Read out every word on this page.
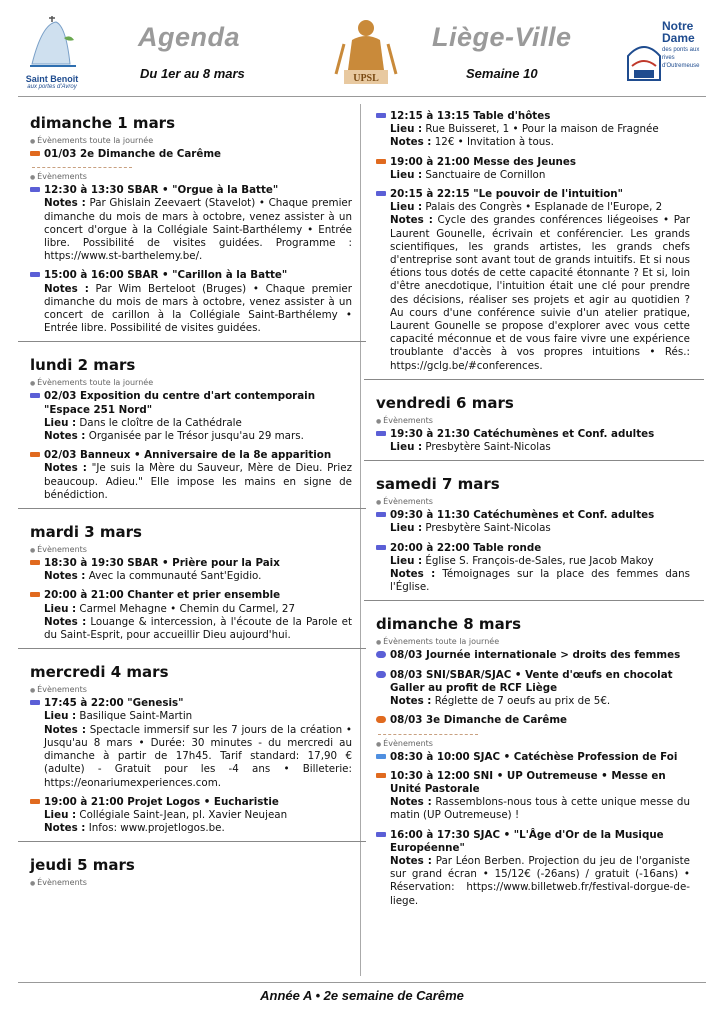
Saint Benoît
aux portes d'Avroy
Agenda
Du 1er au 8 mars	UPSL
Liège-Ville
Semaine 10
Notre Dame
des ponts aux rives d'Outremeuse
dimanche 1 mars
● Évènements toute la journée
01/03 2e Dimanche de Carême
● Évènements
12:30 à 13:30 SBAR • "Orgue à la Batte"
Notes : Par Ghislain Zeevaert (Stavelot) • Chaque premier dimanche du mois de mars à octobre, venez assister à un concert d'orgue à la Collégiale Saint-Barthélemy • Entrée libre. Possibilité de visites guidées. Programme : https://www.st-barthelemy.be/.
15:00 à 16:00 SBAR • "Carillon à la Batte"
Notes : Par Wim Berteloot (Bruges) • Chaque premier dimanche du mois de mars à octobre, venez assister à un concert de carillon à la Collégiale Saint-Barthélemy • Entrée libre. Possibilité de visites guidées.
lundi 2 mars
● Évènements toute la journée
02/03 Exposition du centre d'art contemporain "Espace 251 Nord"
Lieu : Dans le cloître de la Cathédrale
Notes : Organisée par le Trésor jusqu'au 29 mars.
02/03 Banneux • Anniversaire de la 8e apparition
Notes : "Je suis la Mère du Sauveur, Mère de Dieu. Priez beaucoup. Adieu." Elle impose les mains en signe de bénédiction.
mardi 3 mars
● Évènements
18:30 à 19:30 SBAR • Prière pour la Paix
Notes : Avec la communauté Sant'Egidio.
20:00 à 21:00 Chanter et prier ensemble
Lieu : Carmel Mehagne • Chemin du Carmel, 27
Notes : Louange & intercession, à l'écoute de la Parole et du Saint-Esprit, pour accueillir Dieu aujourd'hui.
mercredi 4 mars
● Évènements
17:45 à 22:00 "Genesis"
Lieu : Basilique Saint-Martin
Notes : Spectacle immersif sur les 7 jours de la création • Jusqu'au 8 mars • Durée: 30 minutes - du mercredi au dimanche à partir de 17h45. Tarif standard: 17,90 € (adulte) - Gratuit pour les -4 ans • Billeterie: https://eonariumexperiences.com.
19:00 à 21:00 Projet Logos • Eucharistie
Lieu : Collégiale Saint-Jean, pl. Xavier Neujean
Notes : Infos: www.projetlogos.be.
jeudi 5 mars
● Évènements
12:15 à 13:15 Table d'hôtes
Lieu : Rue Buisseret, 1 • Pour la maison de Fragnée
Notes : 12€ • Invitation à tous.
19:00 à 21:00 Messe des Jeunes
Lieu : Sanctuaire de Cornillon
20:15 à 22:15 "Le pouvoir de l'intuition"
Lieu : Palais des Congrès • Esplanade de l'Europe, 2
Notes : Cycle des grandes conférences liégeoises • Par Laurent Gounelle, écrivain et conférencier. Les grands scientifiques, les grands artistes, les grands chefs d'entreprise sont avant tout de grands intuitifs. Et si nous étions tous dotés de cette capacité étonnante ? Et si, loin d'être anecdotique, l'intuition était une clé pour prendre des décisions, réaliser ses projets et agir au quotidien ? Au cours d'une conférence suivie d'un atelier pratique, Laurent Gounelle se propose d'explorer avec vous cette capacité méconnue et de vous faire vivre une expérience troublante d'accès à vos propres intuitions • Rés.: https://gclg.be/#conferences.
vendredi 6 mars
● Évènements
19:30 à 21:30 Catéchumènes et Conf. adultes
Lieu : Presbytère Saint-Nicolas
samedi 7 mars
● Évènements
09:30 à 11:30 Catéchumènes et Conf. adultes
Lieu : Presbytère Saint-Nicolas
20:00 à 22:00 Table ronde
Lieu : Église S. François-de-Sales, rue Jacob Makoy
Notes : Témoignages sur la place des femmes dans l'Église.
dimanche 8 mars
● Évènements toute la journée
08/03 Journée internationale > droits des femmes
08/03 SNI/SBAR/SJAC • Vente d'œufs en chocolat Galler au profit de RCF Liège
Notes : Réglette de 7 oeufs au prix de 5€.
08/03 3e Dimanche de Carême
● Évènements
08:30 à 10:00 SJAC • Catéchèse Profession de Foi
10:30 à 12:00 SNI • UP Outremeuse • Messe en Unité Pastorale
Notes : Rassemblons-nous tous à cette unique messe du matin (UP Outremeuse) !
16:00 à 17:30 SJAC • "L'Âge d'Or de la Musique Européenne"
Notes : Par Léon Berben. Projection du jeu de l'organiste sur grand écran • 15/12€ (-26ans) / gratuit (-16ans) • Réservation: https://www.billetweb.fr/festival-dorgue-de-liege.
Année A • 2e semaine de Carême
